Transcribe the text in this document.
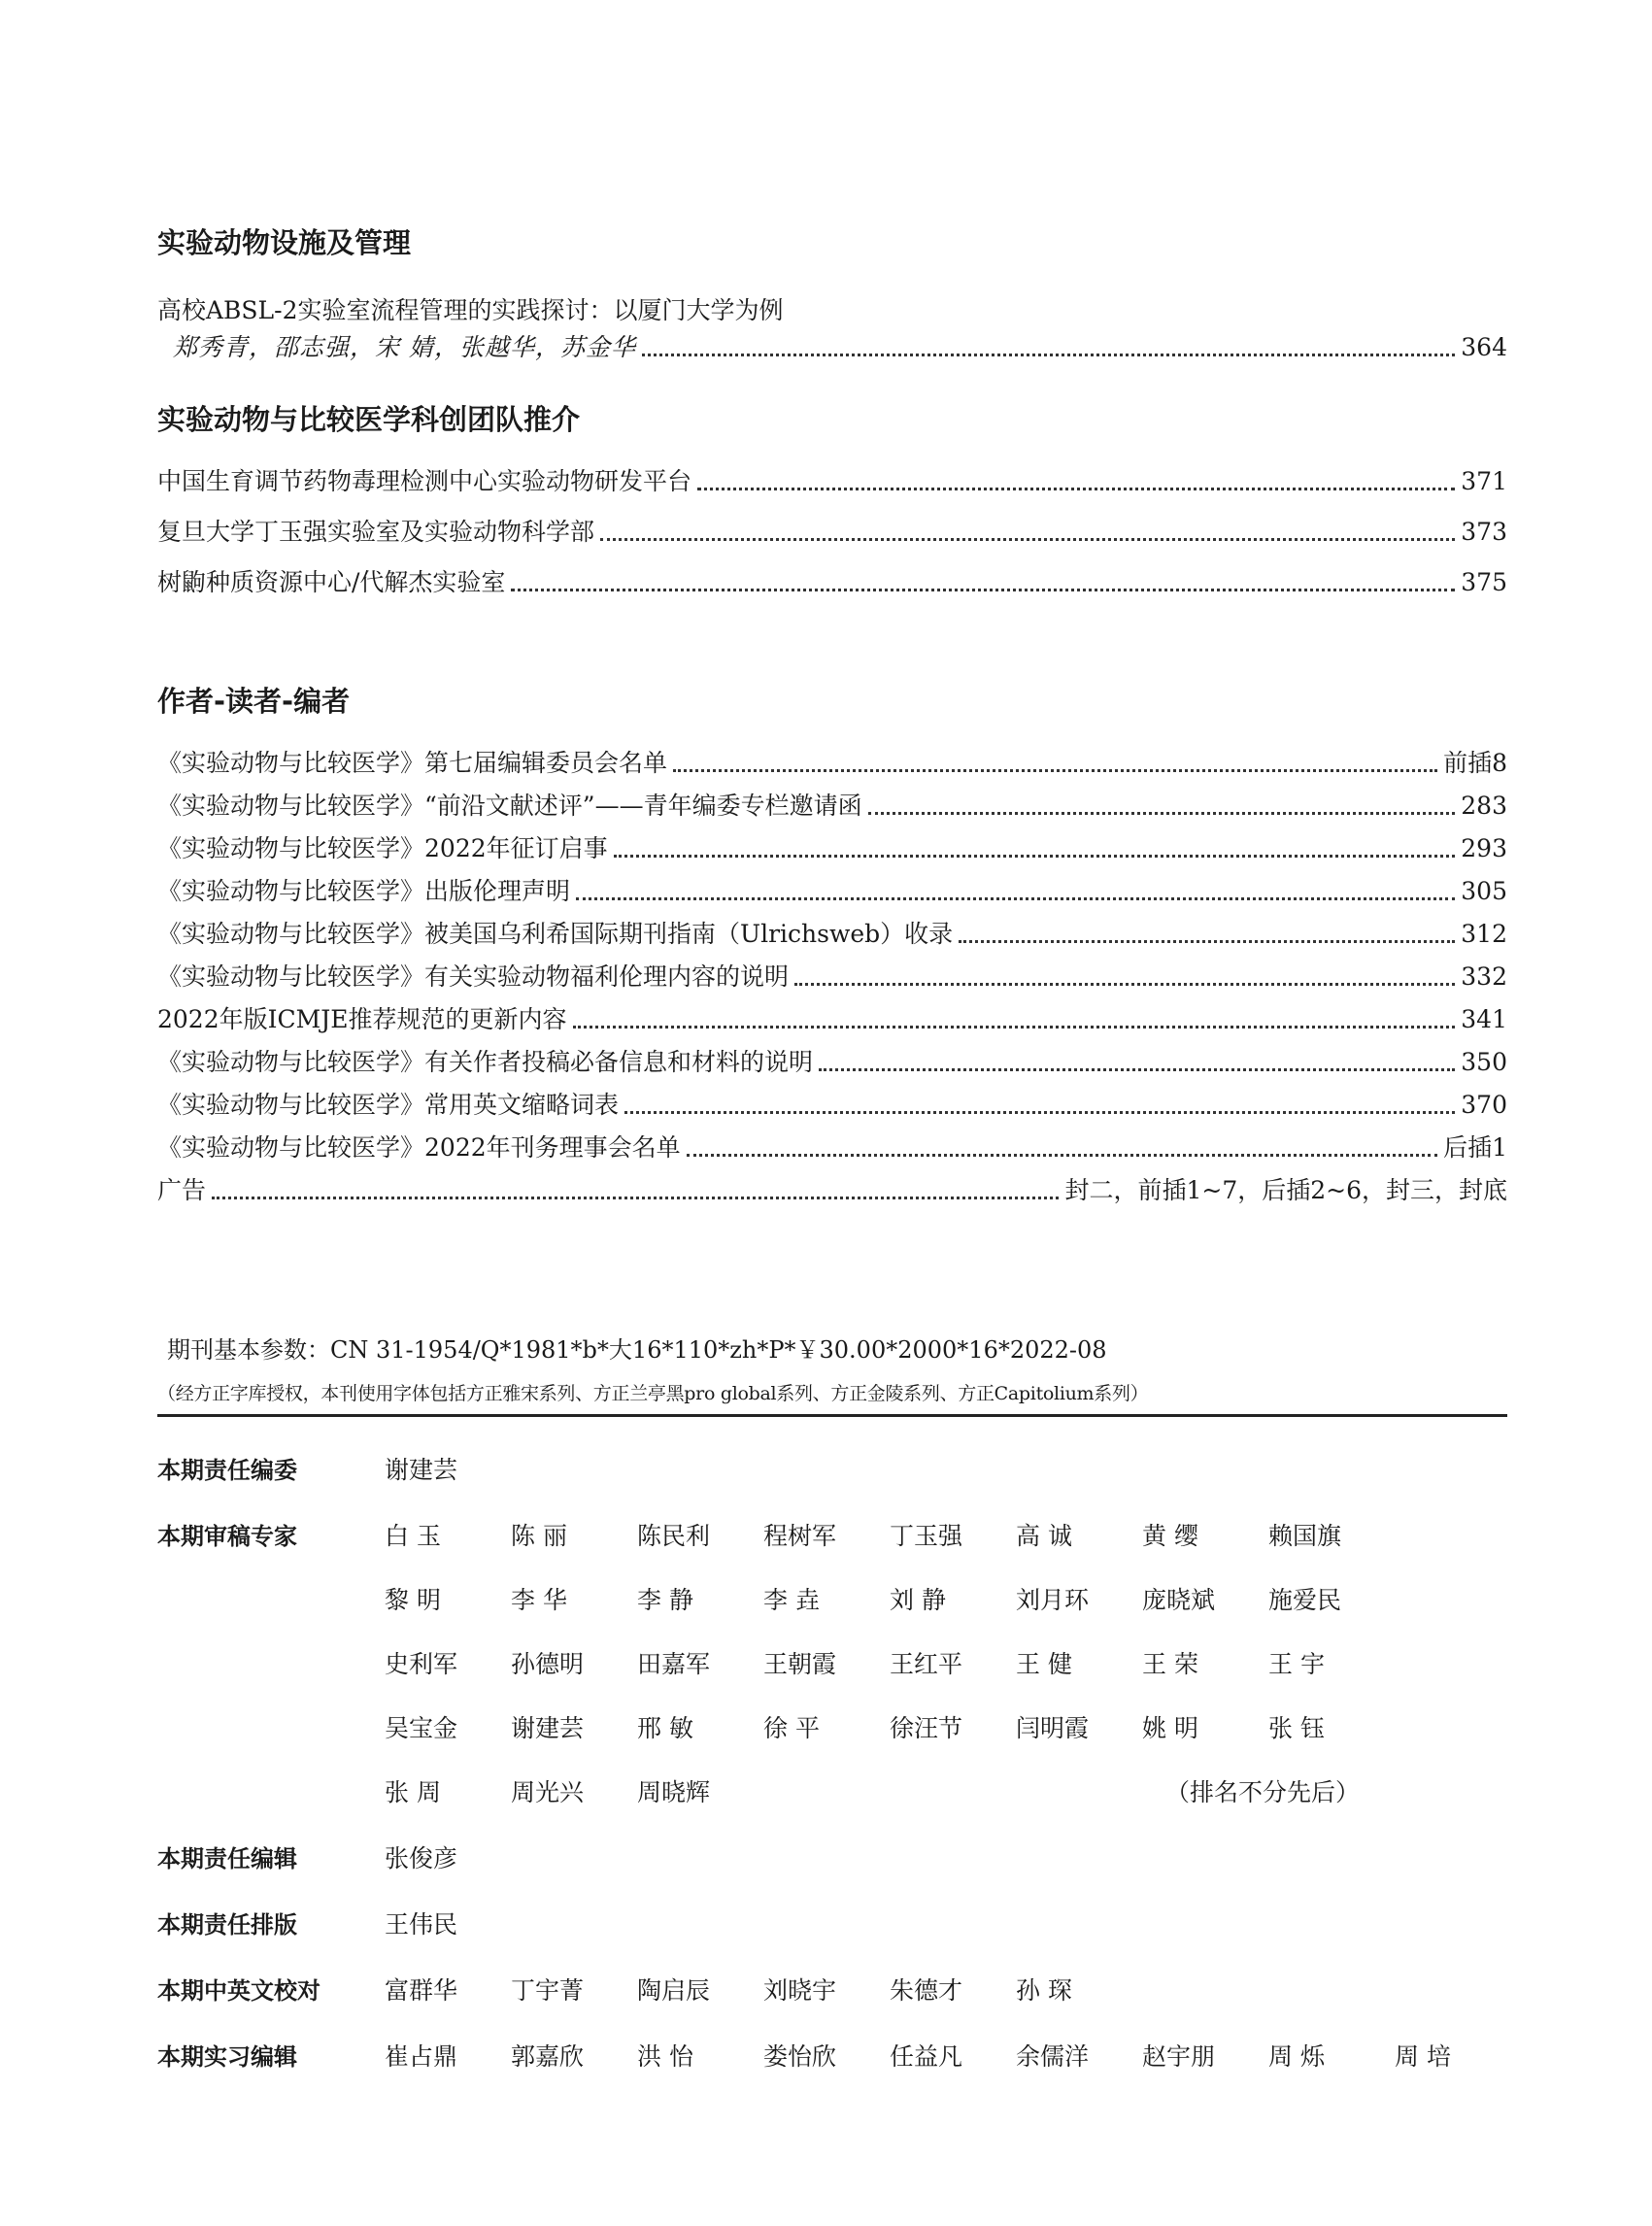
实验动物设施及管理
高校ABSL-2实验室流程管理的实践探讨：以厦门大学为例
郑秀青，邵志强，宋 婧，张越华，苏金华	364
实验动物与比较医学科创团队推介
中国生育调节药物毒理检测中心实验动物研发平台	371
复旦大学丁玉强实验室及实验动物科学部	373
树鼩种质资源中心/代解杰实验室	375
作者-读者-编者
《实验动物与比较医学》第七届编辑委员会名单	前插8
《实验动物与比较医学》“前沿文献述评”——青年编委专栏邀请函	283
《实验动物与比较医学》2022年征订启事	293
《实验动物与比较医学》出版伦理声明	305
《实验动物与比较医学》被美国乌利希国际期刊指南（Ulrichsweb）收录	312
《实验动物与比较医学》有关实验动物福利伦理内容的说明	332
2022年版ICMJE推荐规范的更新内容	341
《实验动物与比较医学》有关作者投稿必备信息和材料的说明	350
《实验动物与比较医学》常用英文缩略词表	370
《实验动物与比较医学》2022年刊务理事会名单	后插1
广告	封二，前插1~7，后插2~6，封三，封底
期刊基本参数：CN 31-1954/Q*1981*b*大16*110*zh*P*￥30.00*2000*16*2022-08
（经方正字库授权，本刊使用字体包括方正雅宋系列、方正兰亭黑pro global系列、方正金陵系列、方正Capitolium系列）
本期责任编委	谢建芸
本期审稿专家	白 玉	陈 丽	陈民利 程树军 丁玉强 高 诚	黄 缨	赖国旗
黎 明	李 华	李 静	李 垚	刘 静	刘月环 庞晓斌 施爱民
史利军 孙德明 田嘉军 王朝霞 王红平 王 健	王 荣	王 宇
吴宝金 谢建芸 邢 敏	徐 平	徐汪节 闫明霞 姚 明	张 钰
张 周	周光兴 周晓辉	（排名不分先后）
本期责任编辑	张俊彦
本期责任排版	王伟民
本期中英文校对	富群华 丁宇菁 陶启辰 刘晓宇 朱德才 孙 琛
本期实习编辑	崔占鼎 郭嘉欣 洪 怡	娄怡欣 任益凡 余儒洋 赵宇朋 周 烁	周 培
